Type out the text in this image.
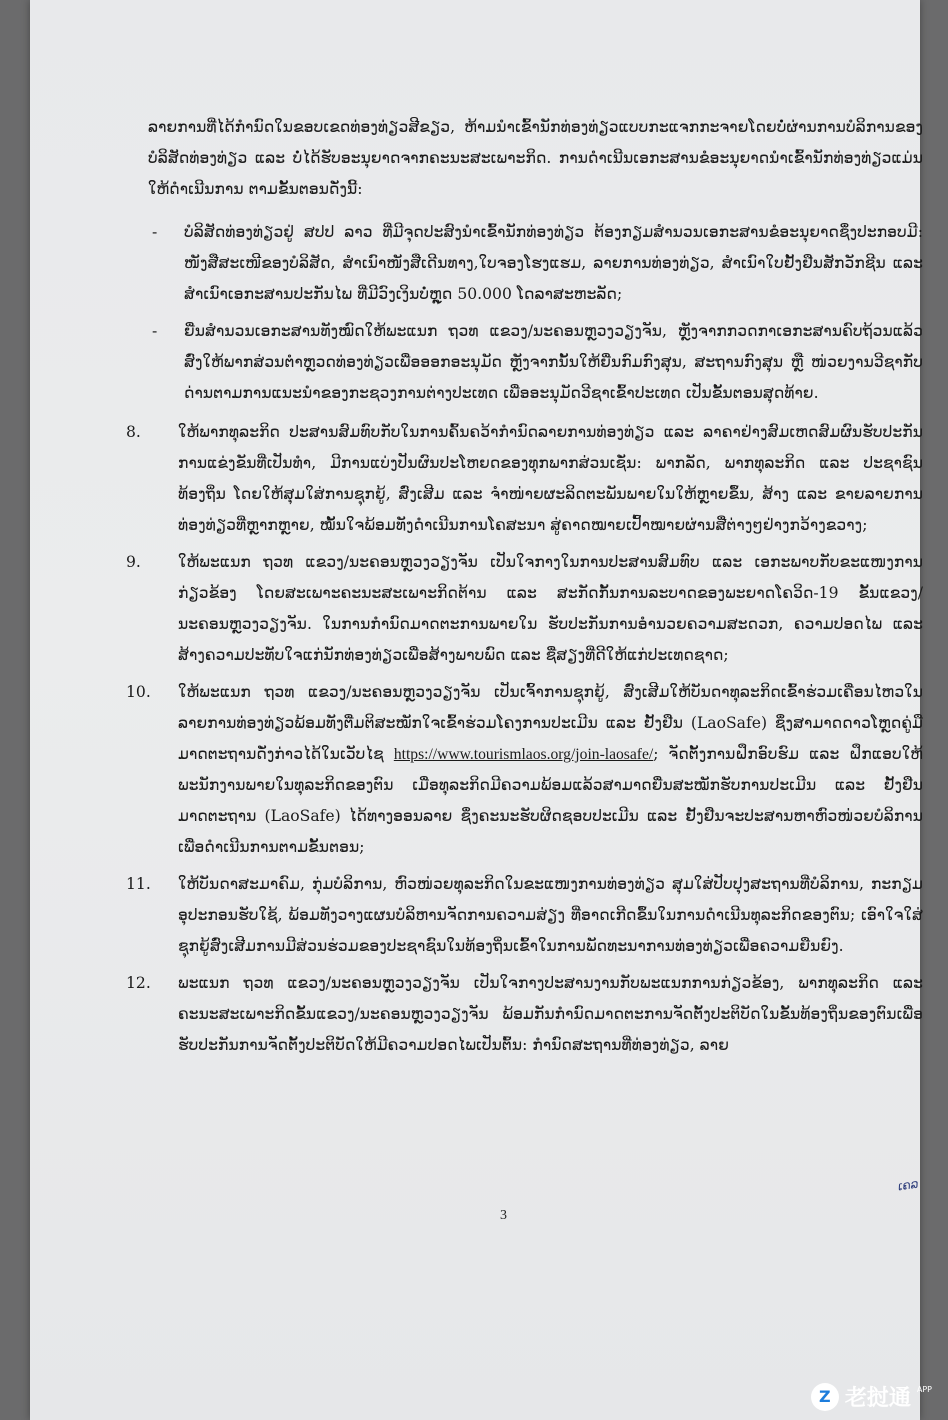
ລາຍການທີ່ໄດ້ກໍານົດໃນຂອບເຂດທ່ອງທ່ຽວສີຂຽວ, ຫ້າມນໍາເຂົ້ານັກທ່ອງທ່ຽວແບບກະແຈກກະຈາຍໂດຍບໍ່ຜ່ານການບໍລິການຂອງບໍລິສັດທ່ອງທ່ຽວ ແລະ ບໍ່ໄດ້ຮັບອະນຸຍາດຈາກຄະນະສະເພາະກິດ. ການດໍາເນີນເອກະສານຂໍອະນຸຍາດນໍາເຂົ້ານັກທ່ອງທ່ຽວແມ່ນໃຫ້ດໍາເນີນການ ຕາມຂັ້ນຕອນດັ່ງນີ້:

- ບໍລິສັດທ່ອງທ່ຽວຢູ່ ສປປ ລາວ ທີ່ມີຈຸດປະສົງນໍາເຂົ້ານັກທ່ອງທ່ຽວ ຕ້ອງກຽມສໍານວນເອກະສານຂໍອະນຸຍາດຊຶ່ງປະກອບມີ: ໜັງສືສະເໜີຂອງບໍລິສັດ, ສໍາເນົາໜັງສືເດີນທາງ,ໃບຈອງໂຮງແຮມ, ລາຍການທ່ອງທ່ຽວ, ສໍາເນົາໃບຢັ້ງຢືນສັກວັກຊີນ ແລະ ສໍາເນົາເອກະສານປະກັນໄພ ທີ່ມີວົງເງິນບໍ່ຫຼຸດ 50.000 ໂດລາສະຫະລັດ;

- ຍື່ນສໍານວນເອກະສານທັງໝົດໃຫ້ພະແນກ ຖວທ ແຂວງ/ນະຄອນຫຼວງວຽງຈັນ, ຫຼັງຈາກກວດກາເອກະສານຄົບຖ້ວນແລ້ວສົ່ງໃຫ້ພາກສ່ວນຕໍາຫຼວດທ່ອງທ່ຽວເພື່ອອອກອະນຸມັດ ຫຼັງຈາກນັ້ນໃຫ້ຍື່ນກົມກົງສຸນ, ສະຖານກົງສຸນ ຫຼື ໜ່ວຍງານວີຊາກັບດ່ານຕາມການແນະນໍາຂອງກະຊວງການຕ່າງປະເທດ ເພື່ອອະນຸມັດວີຊາເຂົ້າປະເທດ ເປັນຂັ້ນຕອນສຸດທ້າຍ.

8. ໃຫ້ພາກທຸລະກິດ ປະສານສົມທົບກັບໃນການຄົ້ນຄວ້າກໍານົດລາຍການທ່ອງທ່ຽວ ແລະ ລາຄາຢ່າງສົມເຫດສົມຜົນຮັບປະກັນການແຂ່ງຂັນທີ່ເປັນທໍາ, ມີການແບ່ງປັນຜົນປະໂຫຍດຂອງທຸກພາກສ່ວນເຊັ່ນ: ພາກລັດ, ພາກທຸລະກິດ ແລະ ປະຊາຊົນທ້ອງຖິ່ນ ໂດຍໃຫ້ສຸມໃສ່ການຊຸກຍູ້, ສົ່ງເສີມ ແລະ ຈໍາໜ່າຍຜະລິດຕະພັນພາຍໃນໃຫ້ຫຼາຍຂຶ້ນ, ສ້າງ ແລະ ຂາຍລາຍການທ່ອງທ່ຽວທີ່ຫຼາກຫຼາຍ, ໝັ້ນໃຈພ້ອມທັງດໍາເນີນການໂຄສະນາ ສູ່ຄາດໝາຍເປົ້າໝາຍຜ່ານສື່ຕ່າງໆຢ່າງກວ້າງຂວາງ;

9. ໃຫ້ພະແນກ ຖວທ ແຂວງ/ນະຄອນຫຼວງວຽງຈັນ ເປັນໃຈກາງໃນການປະສານສົມທົບ ແລະ ເອກະພາບກັບຂະແໜງການກ່ຽວຂ້ອງ ໂດຍສະເພາະຄະນະສະເພາະກິດຕ້ານ ແລະ ສະກັດກັ້ນການລະບາດຂອງພະຍາດໂຄວິດ-19 ຂັ້ນແຂວງ/ນະຄອນຫຼວງວຽງຈັນ. ໃນການກໍານົດມາດຕະການພາຍໃນ ຮັບປະກັນການອໍານວຍຄວາມສະດວກ, ຄວາມປອດໄພ ແລະ ສ້າງຄວາມປະທັບໃຈແກ່ນັກທ່ອງທ່ຽວເພື່ອສ້າງພາບພົດ ແລະ ຊື່ສຽງທີ່ດີໃຫ້ແກ່ປະເທດຊາດ;

10. ໃຫ້ພະແນກ ຖວທ ແຂວງ/ນະຄອນຫຼວງວຽງຈັນ ເປັນເຈົ້າການຊຸກຍູ້, ສົ່ງເສີມໃຫ້ບັນດາທຸລະກິດເຂົ້າຮ່ວມເຄື່ອນໄຫວໃນລາຍການທ່ອງທ່ຽວພ້ອມທັງຕື່ມຕິສະໝັກໃຈເຂົ້າຮ່ວມໂຄງການປະເມີນ ແລະ ຢັ້ງຢືນ (LaoSafe) ຊຶ່ງສາມາດດາວໂຫຼດຄູ່ມືມາດຕະຖານດັ່ງກ່າວໄດ້ໃນເວັບໄຊ https://www.tourismlaos.org/join-laosafe/; ຈັດຕັ້ງການຝຶກອົບຮົມ ແລະ ຝຶກແອບໃຫ້ພະນັກງານພາຍໃນທຸລະກິດຂອງຕົນ ເມື່ອທຸລະກິດມີຄວາມພ້ອມແລ້ວສາມາດຍື່ນສະໝັກຮັບການປະເມີນ ແລະ ຢັ້ງຢືນມາດຕະຖານ (LaoSafe) ໄດ້ທາງອອນລາຍ ຊຶ່ງຄະນະຮັບຜິດຊອບປະເມີນ ແລະ ຢັ້ງຢືນຈະປະສານຫາຫົວໜ່ວຍບໍລິການເພື່ອດໍາເນີນການຕາມຂັ້ນຕອນ;

11. ໃຫ້ບັນດາສະມາຄົມ, ກຸ່ມບໍລິການ, ຫົວໜ່ວຍທຸລະກິດໃນຂະແໜງການທ່ອງທ່ຽວ ສຸມໃສ່ປັບປຸງສະຖານທີ່ບໍລິການ, ກະກຽມອຸປະກອນຮັບໃຊ້, ພ້ອມທັງວາງແຜນບໍລິຫານຈັດການຄວາມສ່ຽງ ທີ່ອາດເກີດຂຶ້ນໃນການດໍາເນີນທຸລະກິດຂອງຕົນ; ເອົາໃຈໃສ່ຊຸກຍູ້ສົ່ງເສີມການມີສ່ວນຮ່ວມຂອງປະຊາຊົນໃນທ້ອງຖິ່ນເຂົ້າໃນການພັດທະນາການທ່ອງທ່ຽວເພື່ອຄວາມຍືນຍົງ.

12. ພະແນກ ຖວທ ແຂວງ/ນະຄອນຫຼວງວຽງຈັນ ເປັນໃຈກາງປະສານງານກັບພະແນກການກ່ຽວຂ້ອງ, ພາກທຸລະກິດ ແລະ ຄະນະສະເພາະກິດຂັ້ນແຂວງ/ນະຄອນຫຼວງວຽງຈັນ ພ້ອມກັນກໍານົດມາດຕະການຈັດຕັ້ງປະຕິບັດໃນຂັ້ນທ້ອງຖິ່ນຂອງຕົນເພື່ອຮັບປະກັນການຈັດຕັ້ງປະຕິບັດໃຫ້ມີຄວາມປອດໄພເປັນຕົ້ນ: ກໍານົດສະຖານທີ່ທ່ອງທ່ຽວ, ລາຍ

3
ເຄລ
Z 老挝通 APP
